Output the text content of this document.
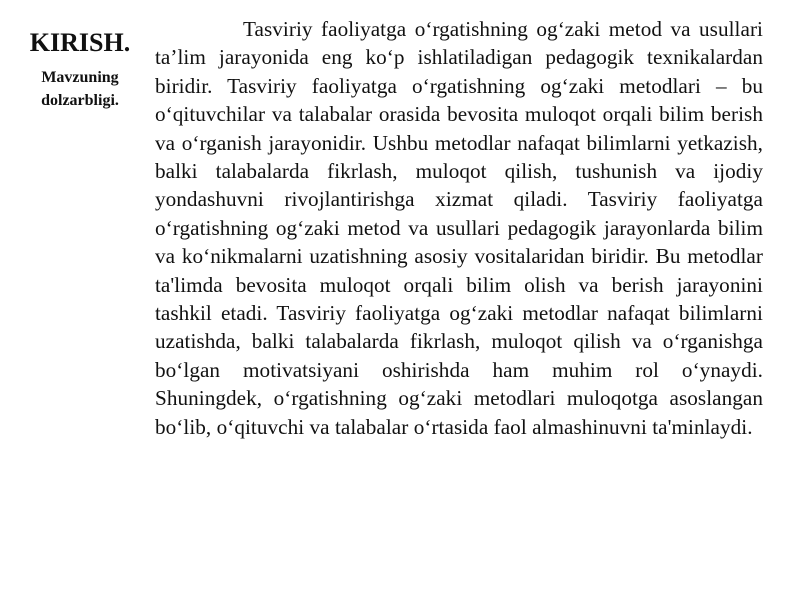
KIRISH.
Mavzuning dolzarbligi.

Tasviriy faoliyatga o‘rgatishning og‘zaki metod va usullari ta’lim jarayonida eng ko‘p ishlatiladigan pedagogik texnikalardan biridir. Tasviriy faoliyatga o‘rgatishning og‘zaki metodlari – bu o‘qituvchilar va talabalar orasida bevosita muloqot orqali bilim berish va o‘rganish jarayonidir. Ushbu metodlar nafaqat bilimlarni yetkazish, balki talabalarda fikrlash, muloqot qilish, tushunish va ijodiy yondashuvni rivojlantirishga xizmat qiladi. Tasviriy faoliyatga o‘rgatishning og‘zaki metod va usullari pedagogik jarayonlarda bilim va ko‘nikmalarni uzatishning asosiy vositalaridan biridir. Bu metodlar ta'limda bevosita muloqot orqali bilim olish va berish jarayonini tashkil etadi. Tasviriy faoliyatga og‘zaki metodlar nafaqat bilimlarni uzatishda, balki talabalarda fikrlash, muloqot qilish va o‘rganishga bo‘lgan motivatsiyani oshirishda ham muhim rol o‘ynaydi. Shuningdek, o‘rgatishning og‘zaki metodlari muloqotga asoslangan bo‘lib, o‘qituvchi va talabalar o‘rtasida faol almashinuvni ta'minlaydi.
